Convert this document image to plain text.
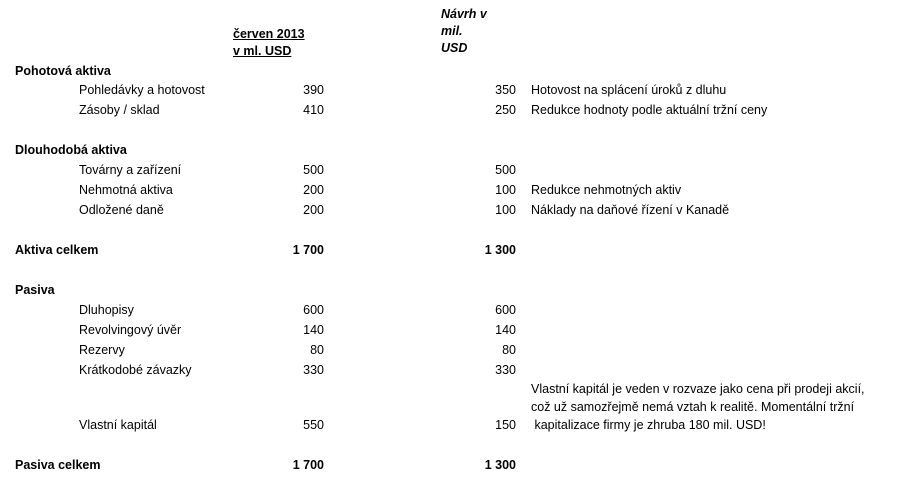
červen 2013
v ml. USD
Návrh v
mil.
USD
Pohotová aktiva
Pohledávky a hotovost	390	350 Hotovost na splácení úroků z dluhu
Zásoby / sklad	410	250 Redukce hodnoty podle aktuální tržní ceny
Dlouhodobá aktiva
Továrny a zařízení	500	500
Nehmotná aktiva	200	100 Redukce nehmotných aktiv
Odložené daně	200	100 Náklady na daňové řízení v Kanadě
Aktiva celkem	1 700	1 300
Pasiva
Dluhopisy	600	600
Revolvingový úvěr	140	140
Rezervy	80	80
Krátkodobé závazky	330	330
Vlastní kapitál je veden v rozvaze jako cena při prodeji akcií,
což už samozřejmě nemá vztah k realitě. Momentální tržní
kapitalizace firmy je zhruba 180 mil. USD!
Vlastní kapitál	550	150
Pasiva celkem	1 700	1 300
